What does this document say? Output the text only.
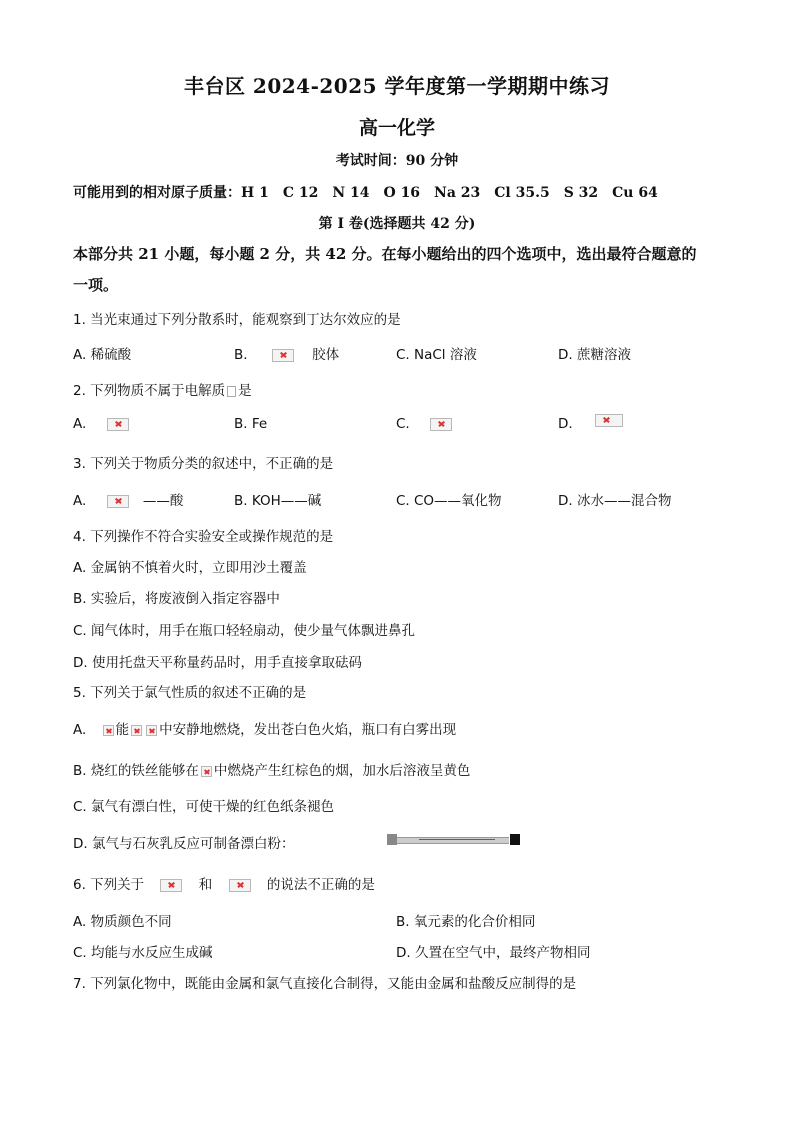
丰台区 2024-2025 学年度第一学期期中练习
高一化学
考试时间：90 分钟
可能用到的相对原子质量：H 1　C 12　N 14　O 16　Na 23　Cl 35.5　S 32　Cu 64
第 I 卷(选择题共 42 分)
本部分共 21 小题，每小题 2 分，共 42 分。在每小题给出的四个选项中，选出最符合题意的
一项。
1. 当光束通过下列分散系时，能观察到丁达尔效应的是
A. 稀硫酸	B.	胶体	C. NaCl 溶液	D. 蔗糖溶液
2. 下列物质不属于电解质 是
A.	B. Fe	C.	D.
3. 下列关于物质分类的叙述中，不正确的是
A.	——酸	B. KOH——碱	C. CO——氧化物	D. 冰水——混合物
4. 下列操作不符合实验安全或操作规范的是
A. 金属钠不慎着火时，立即用沙土覆盖
B. 实验后，将废液倒入指定容器中
C. 闻气体时，用手在瓶口轻轻扇动，使少量气体飘进鼻孔
D. 使用托盘天平称量药品时，用手直接拿取砝码
5. 下列关于氯气性质的叙述不正确的是
A. 能 中安静地燃烧，发出苍白色火焰，瓶口有白雾出现
B. 烧红的铁丝能够在 中燃烧产生红棕色的烟，加水后溶液呈黄色
C. 氯气有漂白性，可使干燥的红色纸条褪色
D. 氯气与石灰乳反应可制备漂白粉：
6. 下列关于	和	的说法不正确的是
A. 物质颜色不同	B. 氧元素的化合价相同
C. 均能与水反应生成碱	D. 久置在空气中，最终产物相同
7. 下列氯化物中，既能由金属和氯气直接化合制得，又能由金属和盐酸反应制得的是
